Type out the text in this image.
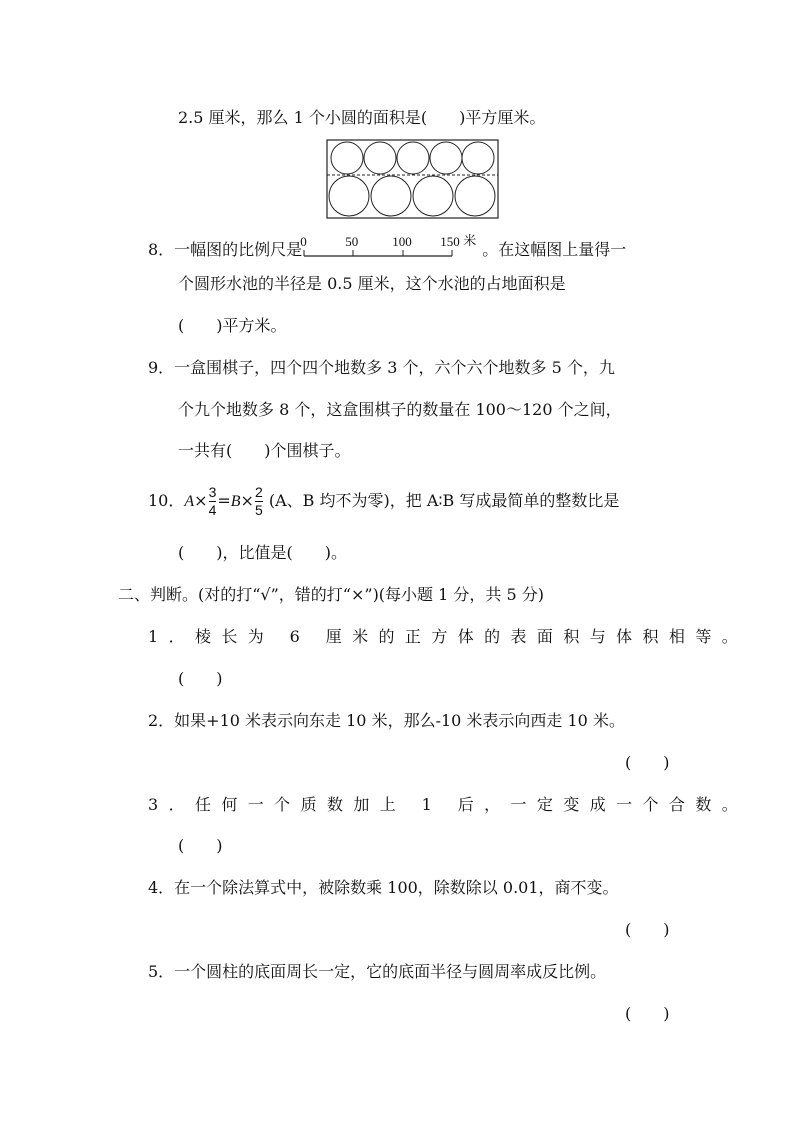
2.5 厘米，那么 1 个小圆的面积是(　　)平方厘米。
8．一幅图的比例尺是
0	50	100 150 米 。在这幅图上量得一
个圆形水池的半径是 0.5 厘米，这个水池的占地面积是
(　　)平方米。
9．一盒围棋子，四个四个地数多 3 个，六个六个地数多 5 个，九
个九个地数多 8 个，这盒围棋子的数量在 100～120 个之间，
一共有(　　)个围棋子。
10．$A\times \frac{3}{4} =B\times \frac{2}{5} (A$、B 均不为零)，把 A∶B 写成最简单的整数比是
(　　)，比值是(　　)。
二、判断。(对的打“√”，错的打“×”)(每小题 1 分，共 5 分)
1．棱长为 6 厘米的正方体的表面积与体积相等。
(　　)
2．如果+10 米表示向东走 10 米，那么-10 米表示向西走 10 米。
(　　)
3．任何一个质数加上 1 后，一定变成一个合数。
(　　)
4．在一个除法算式中，被除数乘 100，除数除以 0.01，商不变。
(　　)
5．一个圆柱的底面周长一定，它的底面半径与圆周率成反比例。
(　　)
